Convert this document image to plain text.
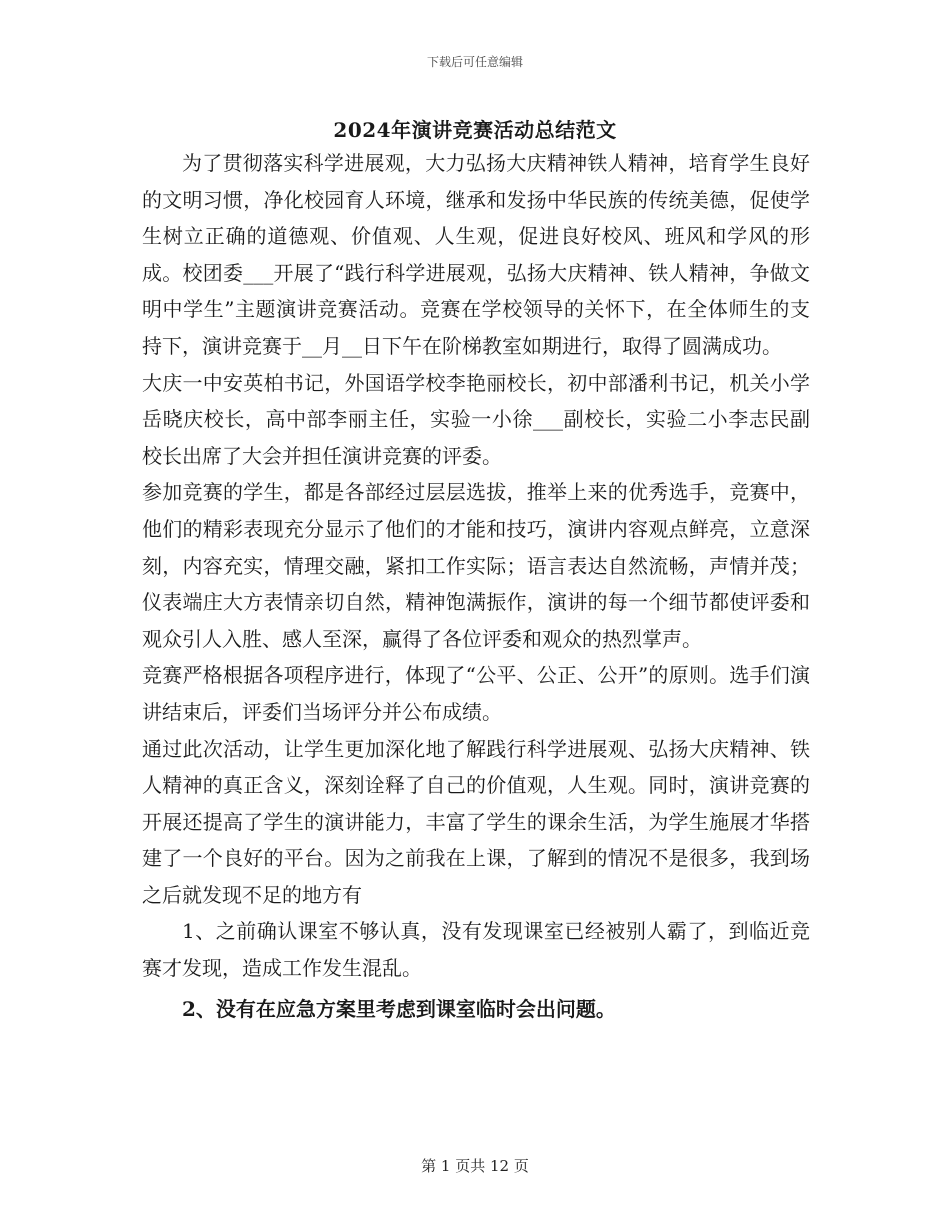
下载后可任意编辑
2024年演讲竞赛活动总结范文

为了贯彻落实科学进展观，大力弘扬大庆精神铁人精神，培育学生良好的文明习惯，净化校园育人环境，继承和发扬中华民族的传统美德，促使学生树立正确的道德观、价值观、人生观，促进良好校风、班风和学风的形成。校团委___开展了“践行科学进展观，弘扬大庆精神、铁人精神，争做文明中学生”主题演讲竞赛活动。竞赛在学校领导的关怀下，在全体师生的支持下，演讲竞赛于__月__日下午在阶梯教室如期进行，取得了圆满成功。

大庆一中安英柏书记，外国语学校李艳丽校长，初中部潘利书记，机关小学岳晓庆校长，高中部李丽主任，实验一小徐___副校长，实验二小李志民副校长出席了大会并担任演讲竞赛的评委。

参加竞赛的学生，都是各部经过层层选拔，推举上来的优秀选手，竞赛中，他们的精彩表现充分显示了他们的才能和技巧，演讲内容观点鲜亮，立意深刻，内容充实，情理交融，紧扣工作实际；语言表达自然流畅，声情并茂；仪表端庄大方表情亲切自然，精神饱满振作，演讲的每一个细节都使评委和观众引人入胜、感人至深，赢得了各位评委和观众的热烈掌声。

竞赛严格根据各项程序进行，体现了“公平、公正、公开”的原则。选手们演讲结束后，评委们当场评分并公布成绩。

通过此次活动，让学生更加深化地了解践行科学进展观、弘扬大庆精神、铁人精神的真正含义，深刻诠释了自己的价值观，人生观。同时，演讲竞赛的开展还提高了学生的演讲能力，丰富了学生的课余生活，为学生施展才华搭建了一个良好的平台。因为之前我在上课，了解到的情况不是很多，我到场之后就发现不足的地方有

1、之前确认课室不够认真，没有发现课室已经被别人霸了，到临近竞赛才发现，造成工作发生混乱。

2、没有在应急方案里考虑到课室临时会出问题。

第 1 页共 12 页
